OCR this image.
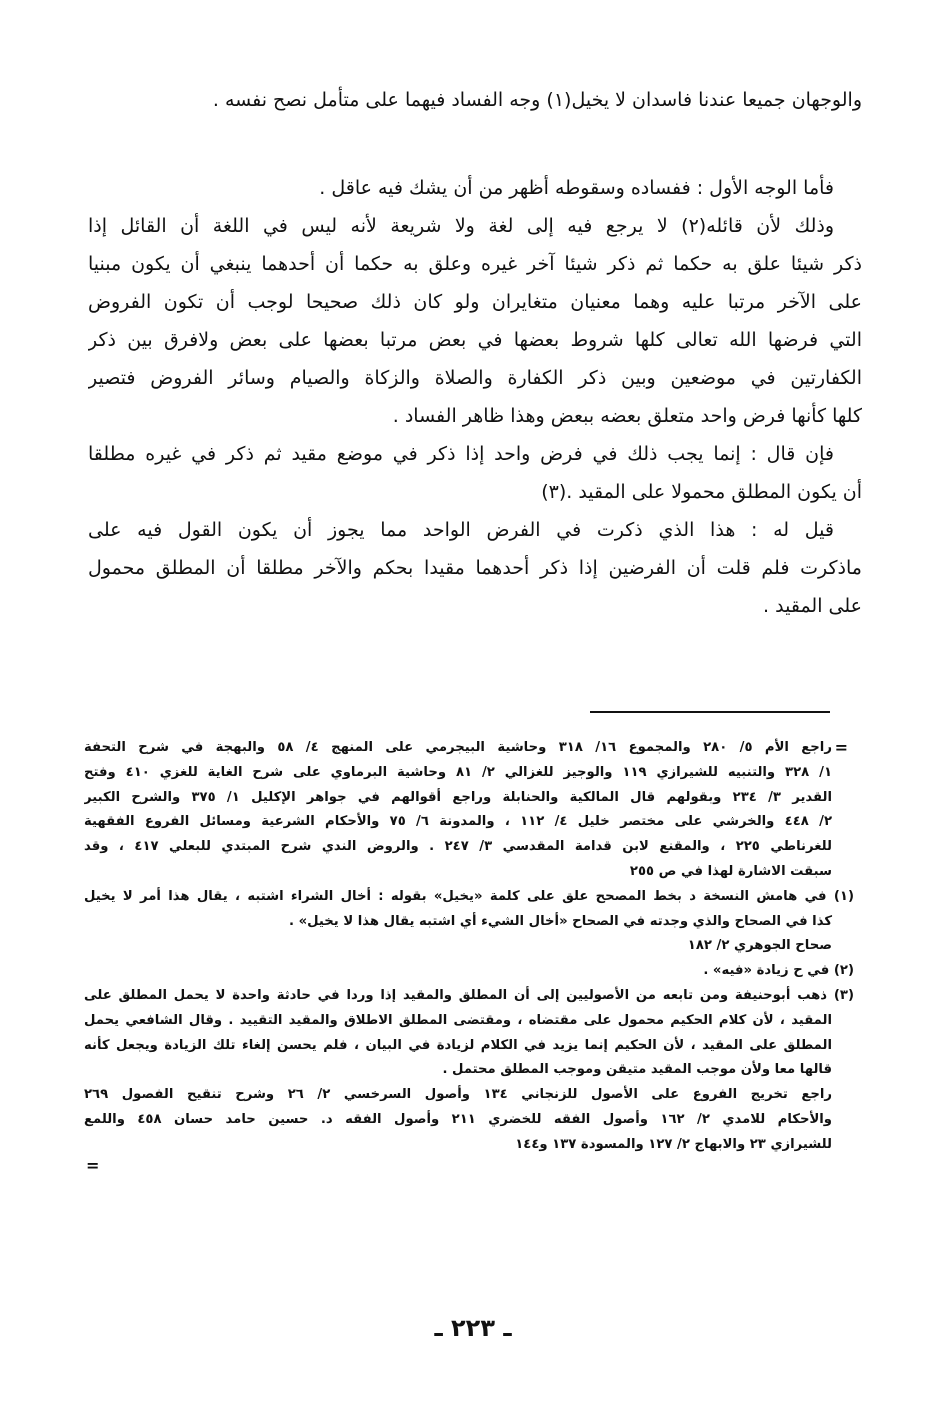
والوجهان جميعا عندنا فاسدان لا يخيل(١) وجه الفساد فيهما على متأمل نصح نفسه .
فأما الوجه الأول : ففساده وسقوطه أظهر من أن يشك فيه عاقل .
وذلك لأن قائله(٢) لا يرجع فيه إلى لغة ولا شريعة لأنه ليس في اللغة أن القائل إذا
ذكر شيئا علق به حكما ثم ذكر شيئا آخر غيره وعلق به حكما أن أحدهما ينبغي أن يكون مبنيا
على الآخر مرتبا عليه وهما معنيان متغايران ولو كان ذلك صحيحا لوجب أن تكون الفروض
التي فرضها الله تعالى كلها شروط بعضها في بعض مرتبا بعضها على بعض ولافرق بين ذكر
الكفارتين في موضعين وبين ذكر الكفارة والصلاة والزكاة والصيام وسائر الفروض فتصير
كلها كأنها فرض واحد متعلق بعضه ببعض وهذا ظاهر الفساد .
فإن قال : إنما يجب ذلك في فرض واحد إذا ذكر في موضع مقيد ثم ذكر في غيره مطلقا
أن يكون المطلق محمولا على المقيد .(٣)
قيل له : هذا الذي ذكرت في الفرض الواحد مما يجوز أن يكون القول فيه على
ماذكرت فلم قلت أن الفرضين إذا ذكر أحدهما مقيدا بحكم والآخر مطلقا أن المطلق محمول
على المقيد .
=
=
راجع الأم ٥/ ٢٨٠ والمجموع ١٦/ ٣١٨ وحاشية البيجرمي على المنهج ٤/ ٥٨ والبهجة في شرح التحفة
١/ ٣٢٨ والتنبيه للشيرازي ١١٩ والوجيز للغزالي ٢/ ٨١ وحاشية البرماوي على شرح الغاية للغزي ٤١٠ وفتح
القدير ٣/ ٢٣٤ وبقولهم قال المالكية والحنابلة وراجع أقوالهم في جواهر الإكليل ١/ ٣٧٥ والشرح الكبير
٢/ ٤٤٨ والخرشي على مختصر خليل ٤/ ١١٢ ، والمدونة ٦/ ٧٥ والأحكام الشرعية ومسائل الفروع الفقهية
للغرناطي ٢٢٥ ، والمقنع لابن قدامة المقدسي ٣/ ٢٤٧ . والروض الندي شرح المبتدي للبعلي ٤١٧ ، وقد
سبقت الاشارة لهذا في ص ٢٥٥
(١) في هامش النسخة د بخط المصحح علق على كلمة «يخيل» بقوله : أخال الشراء اشتبه ، يقال هذا أمر لا يخيل
كذا في الصحاح والذي وجدته في الصحاح «أخال الشيء أي اشتبه يقال هذا لا يخيل» .
صحاح الجوهري ٢/ ١٨٢
(٢) في ح زيادة «فيه» .
(٣) ذهب أبوحنيفة ومن تابعه من الأصوليين إلى أن المطلق والمقيد إذا وردا في حادثة واحدة لا يحمل المطلق على
المقيد ، لأن كلام الحكيم محمول على مقتضاه ، ومقتضى المطلق الاطلاق والمقيد التقييد . وقال الشافعي يحمل
المطلق على المقيد ، لأن الحكيم إنما يزيد في الكلام لزيادة في البيان ، فلم يحسن إلغاء تلك الزيادة ويجعل كأنه
قالها معا ولأن موجب المقيد متيقن وموجب المطلق محتمل .
راجع تخريج الفروع على الأصول للزنجاني ١٣٤ وأصول السرخسي ٢/ ٢٦ وشرح تنقيح الفصول ٢٦٩
والأحكام للامدي ٢/ ١٦٢ وأصول الفقه للخضري ٢١١ وأصول الفقه د. حسين حامد حسان ٤٥٨ واللمع
للشيرازي ٢٣ والابهاج ٢/ ١٢٧ والمسودة ١٣٧ و١٤٤
ـ ٢٢٣ ـ
